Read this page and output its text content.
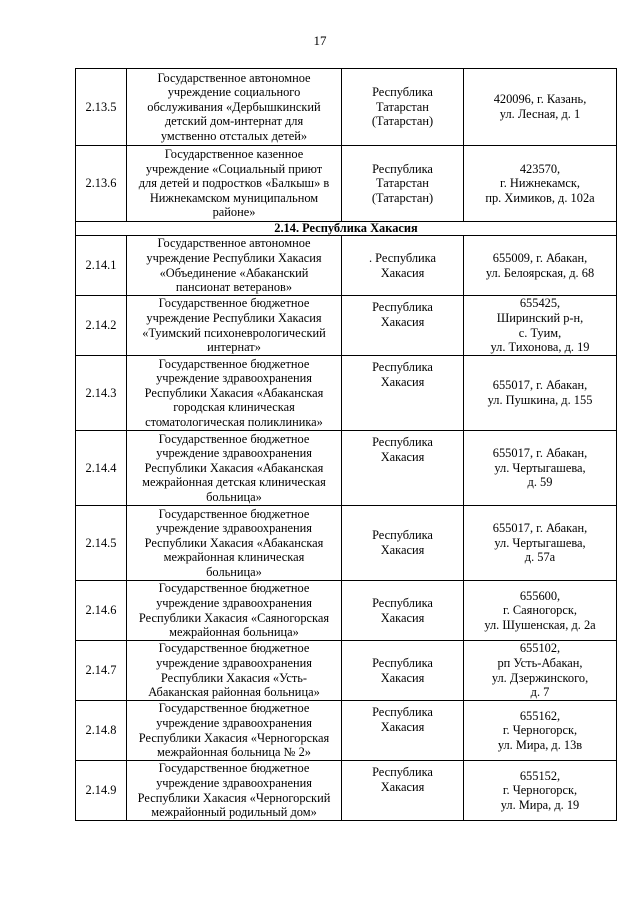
17
2.13.5	Государственное автономное
учреждение социального
обслуживания «Дербышкинский
детский дом-интернат для
умственно отсталых детей»	Республика
Татарстан
(Татарстан)	420096, г. Казань,
ул. Лесная, д. 1

2.13.6	Государственное казенное
учреждение «Социальный приют
для детей и подростков «Балкыш» в
Нижнекамском муниципальном
районе»	Республика
Татарстан
(Татарстан)	423570,
г. Нижнекамск,
пр. Химиков, д. 102а

2.14. Республика Хакасия			
2.14.1	Государственное автономное
учреждение Республики Хакасия
«Объединение «Абаканский
пансионат ветеранов»	. Республика
Хакасия	655009, г. Абакан,
ул. Белоярская, д. 68

2.14.2	Государственное бюджетное
учреждение Республики Хакасия
«Туимский психоневрологический
интернат»	Республика
Хакасия	655425,
Ширинский р-н,
с. Туим,
ул. Тихонова, д. 19

2.14.3	Государственное бюджетное
учреждение здравоохранения
Республики Хакасия «Абаканская
городская клиническая
стоматологическая поликлиника»	Республика
Хакасия	655017, г. Абакан,
ул. Пушкина, д. 155

2.14.4	Государственное бюджетное
учреждение здравоохранения
Республики Хакасия «Абаканская
межрайонная детская клиническая
больница»	Республика
Хакасия	655017, г. Абакан,
ул. Чертыгашева,
д. 59

2.14.5	Государственное бюджетное
учреждение здравоохранения
Республики Хакасия «Абаканская
межрайонная клиническая
больница»	Республика
Хакасия	655017, г. Абакан,
ул. Чертыгашева,
д. 57а

2.14.6	Государственное бюджетное
учреждение здравоохранения
Республики Хакасия «Саяногорская
межрайонная больница»	Республика
Хакасия	655600,
г. Саяногорск,
ул. Шушенская, д. 2а

2.14.7	Государственное бюджетное
учреждение здравоохранения
Республики Хакасия «Усть-
Абаканская районная больница»	Республика
Хакасия	655102,
рп Усть-Абакан,
ул. Дзержинского,
д. 7

2.14.8	Государственное бюджетное
учреждение здравоохранения
Республики Хакасия «Черногорская
межрайонная больница № 2»	Республика
Хакасия	655162,
г. Черногорск,
ул. Мира, д. 13в

2.14.9	Государственное бюджетное
учреждение здравоохранения
Республики Хакасия «Черногорский
межрайонный родильный дом»	Республика
Хакасия	655152,
г. Черногорск,
ул. Мира, д. 19
